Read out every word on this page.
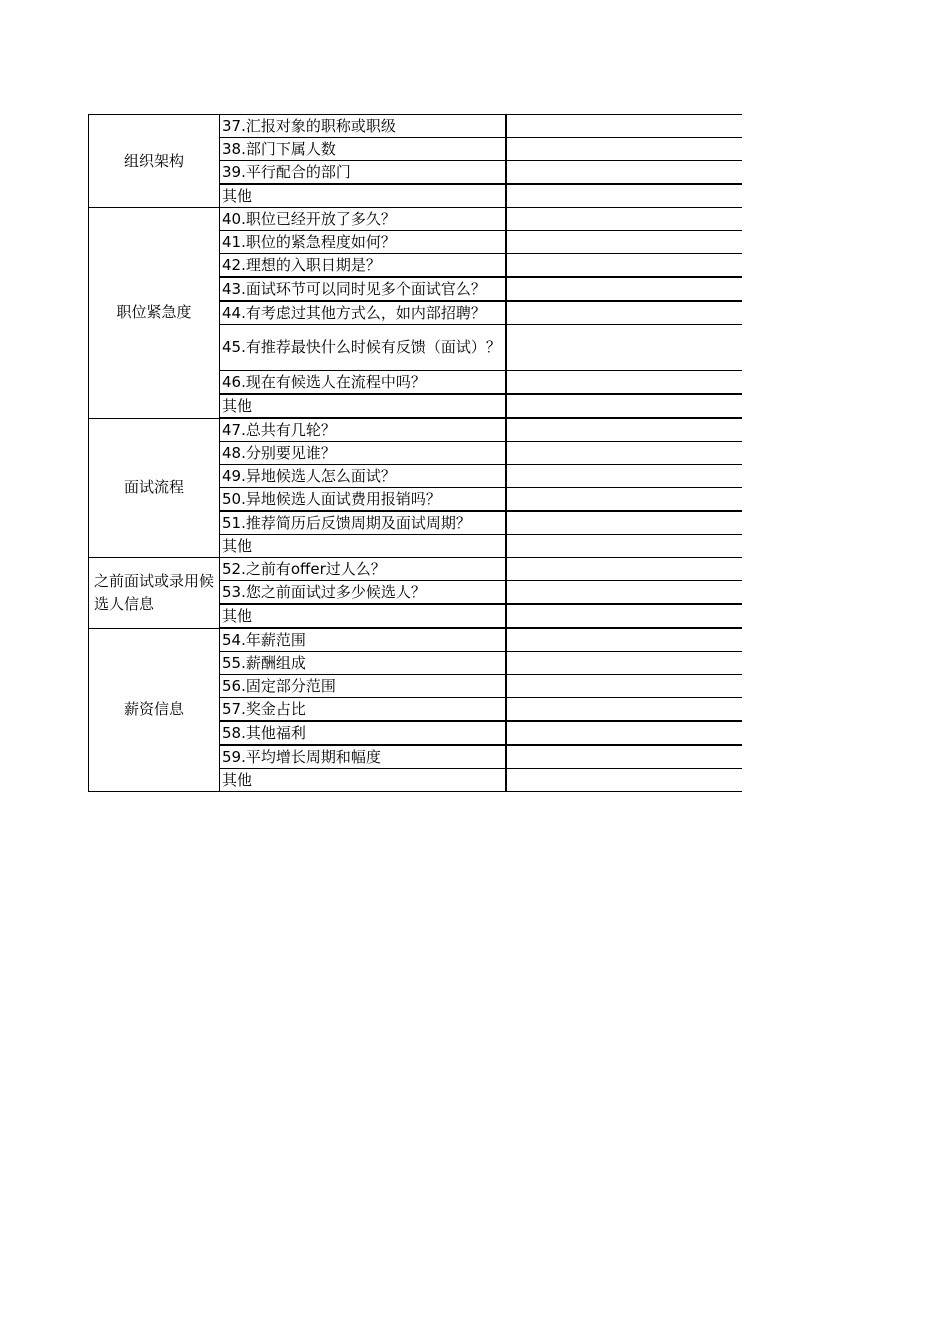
组织架构	37.汇报对象的职称或职级	
	38.部门下属人数	
	39.平行配合的部门	
	其他	
职位紧急度	40.职位已经开放了多久？	
	41.职位的紧急程度如何？	
	42.理想的入职日期是？	
	43.面试环节可以同时见多个面试官么？	
	44.有考虑过其他方式么，如内部招聘？	
	45.有推荐最快什么时候有反馈（面试）？	
	46.现在有候选人在流程中吗？	
	其他	
面试流程	47.总共有几轮？	
	48.分别要见谁？	
	49.异地候选人怎么面试？	
	50.异地候选人面试费用报销吗？	
	51.推荐简历后反馈周期及面试周期？	
	其他	
之前面试或录用候选人信息	52.之前有offer过人么？	
	53.您之前面试过多少候选人？	
	其他	
薪资信息	54.年薪范围	
	55.薪酬组成	
	56.固定部分范围	
	57.奖金占比	
	58.其他福利	
	59.平均增长周期和幅度	
	其他	
